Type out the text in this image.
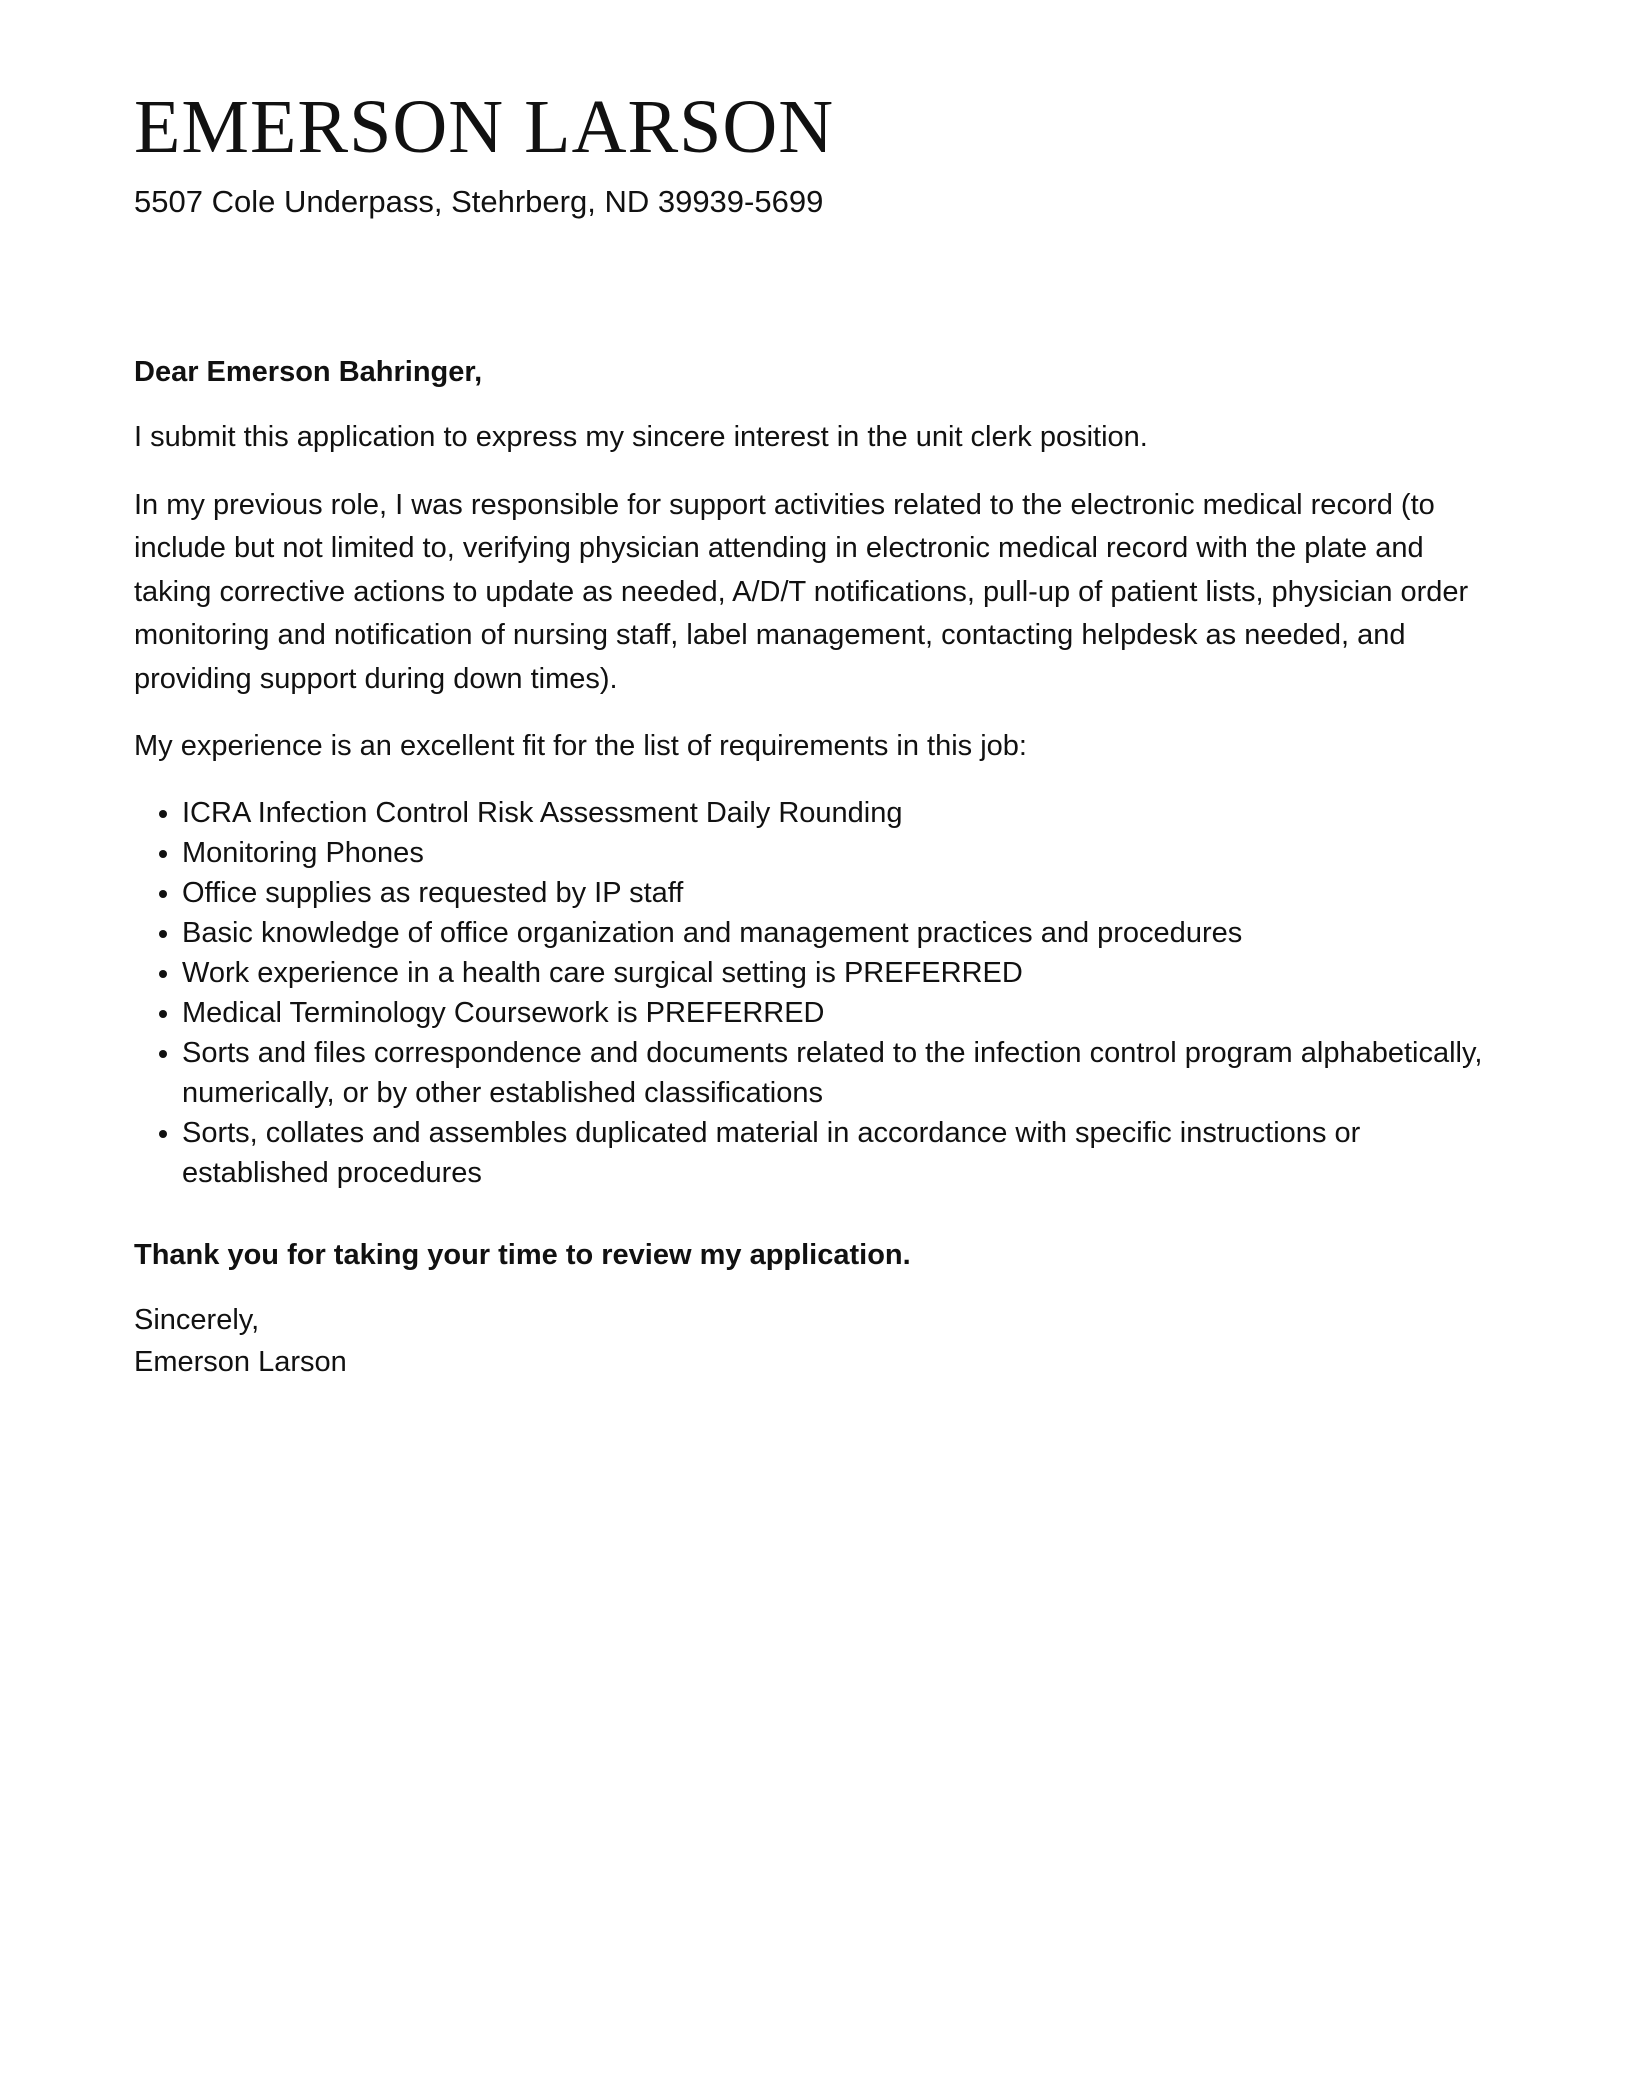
EMERSON LARSON
5507 Cole Underpass, Stehrberg, ND 39939-5699
Dear Emerson Bahringer,

I submit this application to express my sincere interest in the unit clerk position.

In my previous role, I was responsible for support activities related to the electronic medical record (to include but not limited to, verifying physician attending in electronic medical record with the plate and taking corrective actions to update as needed, A/D/T notifications, pull-up of patient lists, physician order monitoring and notification of nursing staff, label management, contacting helpdesk as needed, and providing support during down times).

My experience is an excellent fit for the list of requirements in this job:

• ICRA Infection Control Risk Assessment Daily Rounding
• Monitoring Phones
• Office supplies as requested by IP staff
• Basic knowledge of office organization and management practices and procedures
• Work experience in a health care surgical setting is PREFERRED
• Medical Terminology Coursework is PREFERRED
• Sorts and files correspondence and documents related to the infection control program alphabetically, numerically, or by other established classifications
• Sorts, collates and assembles duplicated material in accordance with specific instructions or established procedures
Thank you for taking your time to review my application.
Sincerely,
Emerson Larson
